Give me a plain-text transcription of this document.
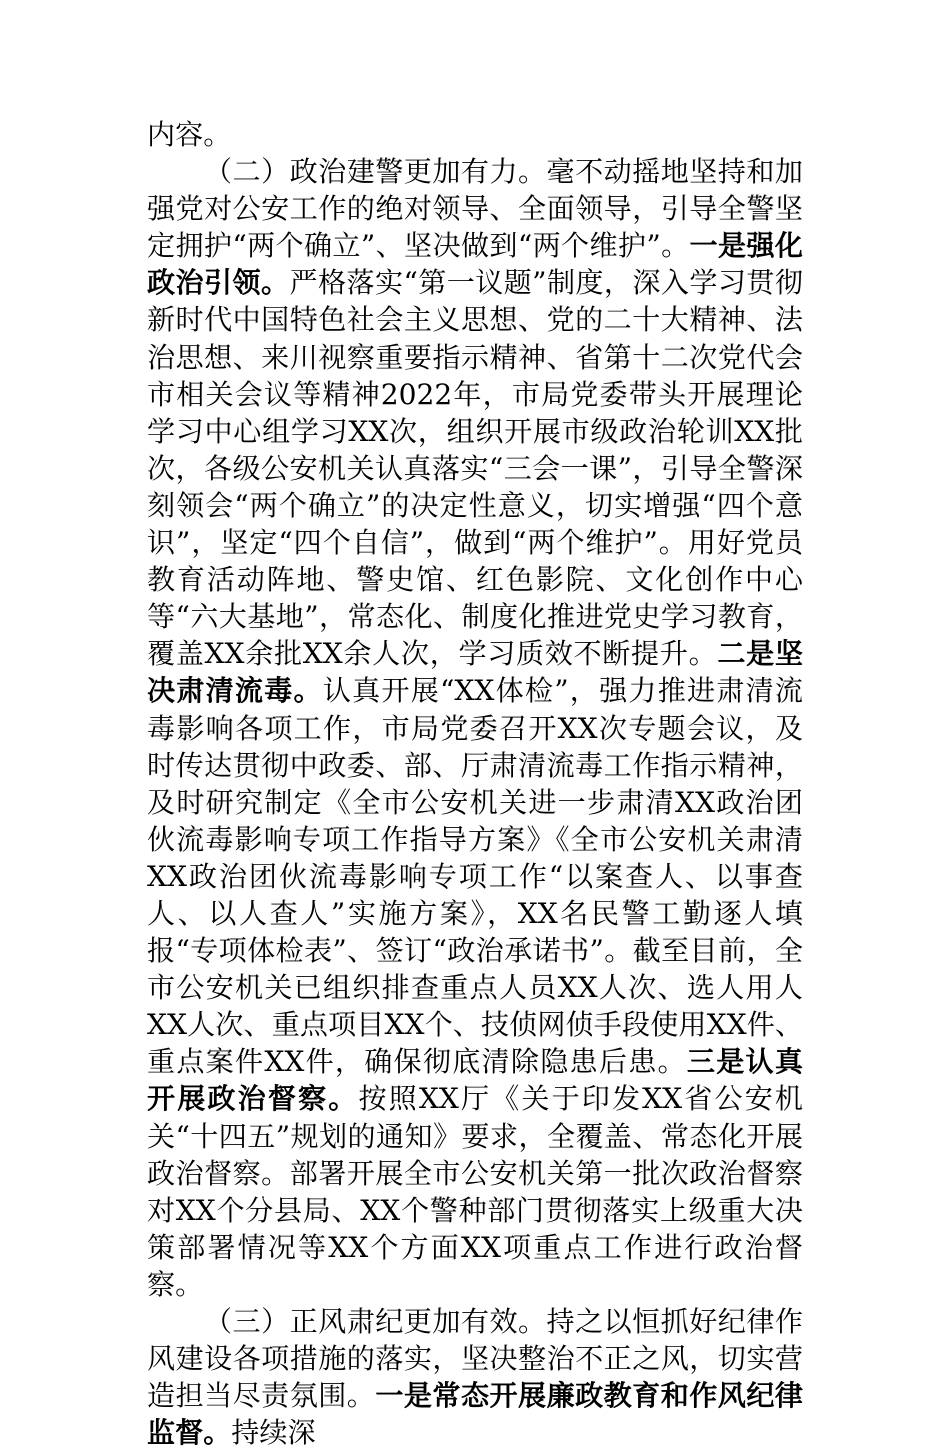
内容。

（二）政治建警更加有力。毫不动摇地坚持和加强党对公安工作的绝对领导、全面领导，引导全警坚定拥护“两个确立”、坚决做到“两个维护”。一是强化政治引领。严格落实“第一议题”制度，深入学习贯彻新时代中国特色社会主义思想、党的二十大精神、法治思想、来川视察重要指示精神、省第十二次党代会市相关会议等精神2022年，市局党委带头开展理论学习中心组学习XX次，组织开展市级政治轮训XX批次，各级公安机关认真落实“三会一课”，引导全警深刻领会“两个确立”的决定性意义，切实增强“四个意识”，坚定“四个自信”，做到“两个维护”。用好党员教育活动阵地、警史馆、红色影院、文化创作中心等“六大基地”，常态化、制度化推进党史学习教育，覆盖XX余批XX余人次，学习质效不断提升。二是坚决肃清流毒。认真开展“XX体检”，强力推进肃清流毒影响各项工作，市局党委召开XX次专题会议，及时传达贯彻中政委、部、厅肃清流毒工作指示精神，及时研究制定《全市公安机关进一步肃清XX政治团伙流毒影响专项工作指导方案》《全市公安机关肃清XX政治团伙流毒影响专项工作“以案查人、以事查人、以人查人”实施方案》，XX名民警工勤逐人填报“专项体检表”、签订“政治承诺书”。截至目前，全市公安机关已组织排查重点人员XX人次、选人用人XX人次、重点项目XX个、技侦网侦手段使用XX件、重点案件XX件，确保彻底清除隐患后患。三是认真开展政治督察。按照XX厅《关于印发XX省公安机关“十四五”规划的通知》要求，全覆盖、常态化开展政治督察。部署开展全市公安机关第一批次政治督察对XX个分县局、XX个警种部门贯彻落实上级重大决策部署情况等XX个方面XX项重点工作进行政治督察。

（三）正风肃纪更加有效。持之以恒抓好纪律作风建设各项措施的落实，坚决整治不正之风，切实营造担当尽责氛围。一是常态开展廉政教育和作风纪律监督。持续深
